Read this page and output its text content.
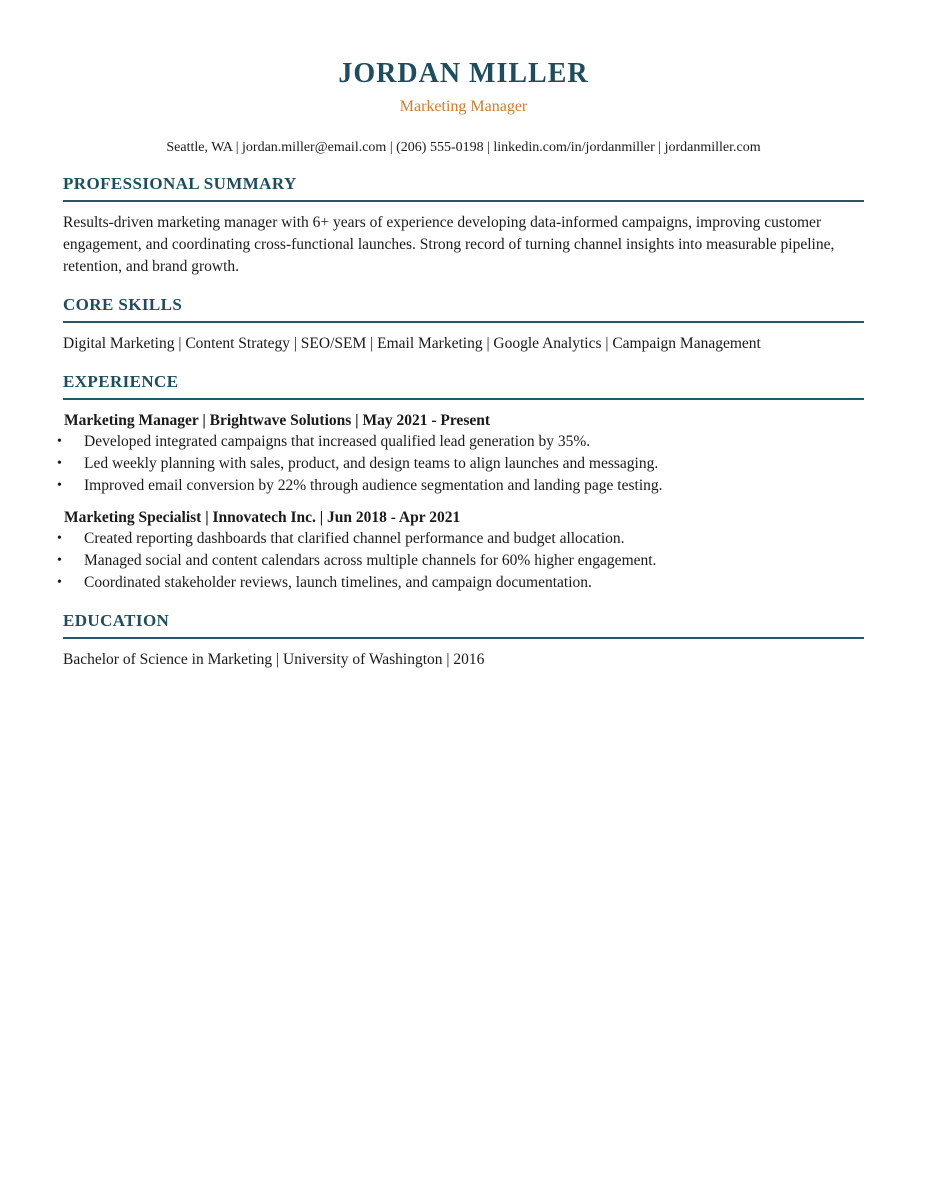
JORDAN MILLER
Marketing Manager
Seattle, WA | jordan.miller@email.com | (206) 555-0198 | linkedin.com/in/jordanmiller | jordanmiller.com
PROFESSIONAL SUMMARY
Results-driven marketing manager with 6+ years of experience developing data-informed campaigns, improving customer engagement, and coordinating cross-functional launches. Strong record of turning channel insights into measurable pipeline, retention, and brand growth.
CORE SKILLS
Digital Marketing | Content Strategy | SEO/SEM | Email Marketing | Google Analytics | Campaign Management
EXPERIENCE
Marketing Manager | Brightwave Solutions | May 2021 - Present
• Developed integrated campaigns that increased qualified lead generation by 35%.
• Led weekly planning with sales, product, and design teams to align launches and messaging.
• Improved email conversion by 22% through audience segmentation and landing page testing.
Marketing Specialist | Innovatech Inc. | Jun 2018 - Apr 2021
• Created reporting dashboards that clarified channel performance and budget allocation.
• Managed social and content calendars across multiple channels for 60% higher engagement.
• Coordinated stakeholder reviews, launch timelines, and campaign documentation.
EDUCATION
Bachelor of Science in Marketing | University of Washington | 2016
